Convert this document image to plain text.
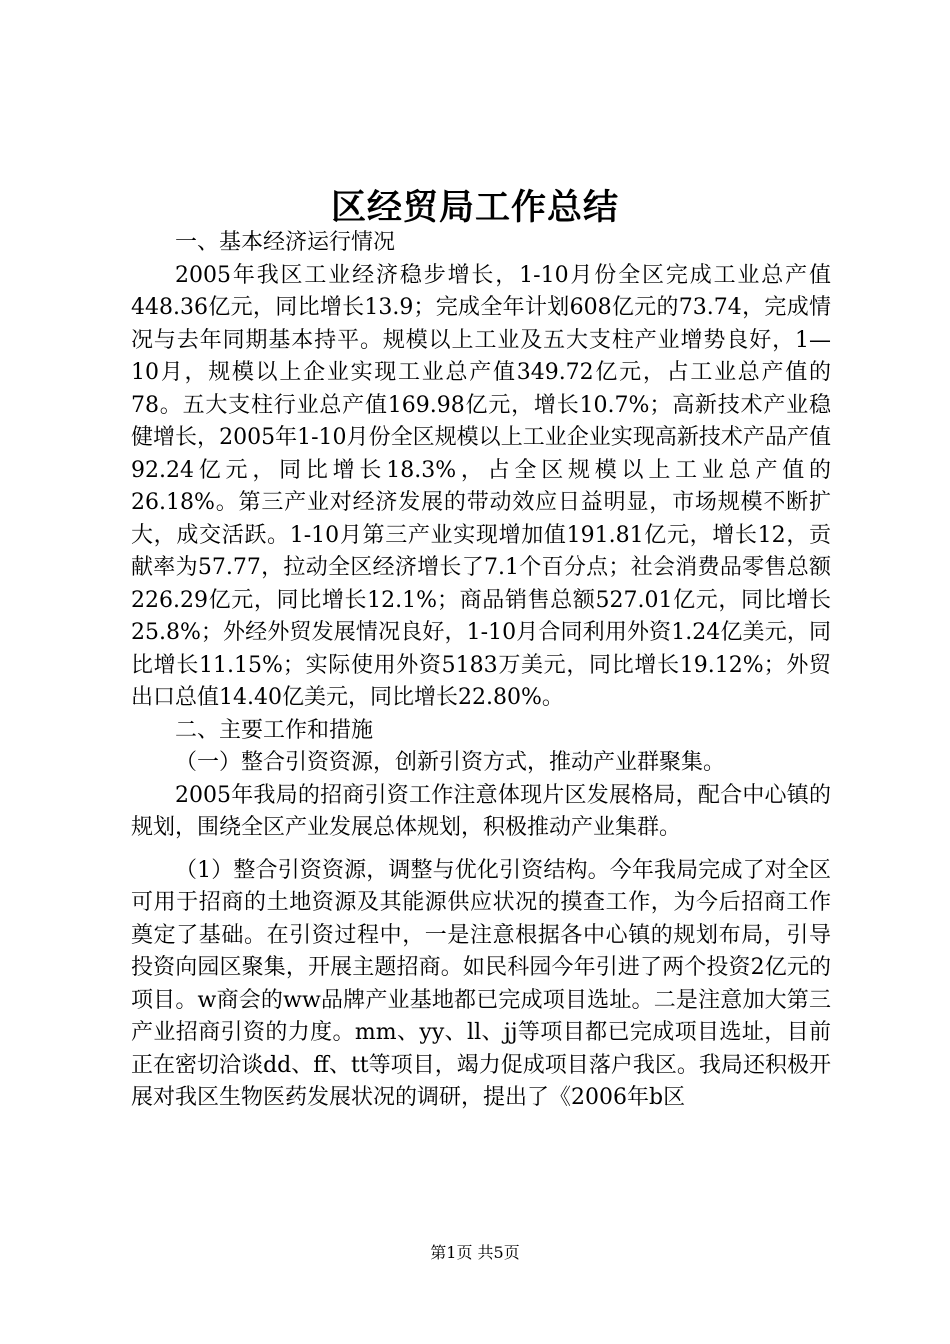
区经贸局工作总结

一、基本经济运行情况

2005年我区工业经济稳步增长，1-10月份全区完成工业总产值448.36亿元，同比增长13.9；完成全年计划608亿元的73.74，完成情况与去年同期基本持平。规模以上工业及五大支柱产业增势良好，1—10月，规模以上企业实现工业总产值349.72亿元，占工业总产值的78。五大支柱行业总产值169.98亿元，增长10.7%；高新技术产业稳健增长，2005年1-10月份全区规模以上工业企业实现高新技术产品产值92.24亿元，同比增长18.3%，占全区规模以上工业总产值的26.18%。第三产业对经济发展的带动效应日益明显，市场规模不断扩大，成交活跃。1-10月第三产业实现增加值191.81亿元，增长12，贡献率为57.77，拉动全区经济增长了7.1个百分点；社会消费品零售总额226.29亿元，同比增长12.1%；商品销售总额527.01亿元，同比增长25.8%；外经外贸发展情况良好，1-10月合同利用外资1.24亿美元，同比增长11.15%；实际使用外资5183万美元，同比增长19.12%；外贸出口总值14.40亿美元，同比增长22.80%。

二、主要工作和措施

（一）整合引资资源，创新引资方式，推动产业群聚集。

2005年我局的招商引资工作注意体现片区发展格局，配合中心镇的规划，围绕全区产业发展总体规划，积极推动产业集群。

（1）整合引资资源，调整与优化引资结构。今年我局完成了对全区可用于招商的土地资源及其能源供应状况的摸查工作，为今后招商工作奠定了基础。在引资过程中，一是注意根据各中心镇的规划布局，引导投资向园区聚集，开展主题招商。如民科园今年引进了两个投资2亿元的项目。w商会的ww品牌产业基地都已完成项目选址。二是注意加大第三产业招商引资的力度。mm、yy、ll、jj等项目都已完成项目选址，目前正在密切洽谈dd、ff、tt等项目，竭力促成项目落户我区。我局还积极开展对我区生物医药发展状况的调研，提出了《2006年b区

第1页 共5页
